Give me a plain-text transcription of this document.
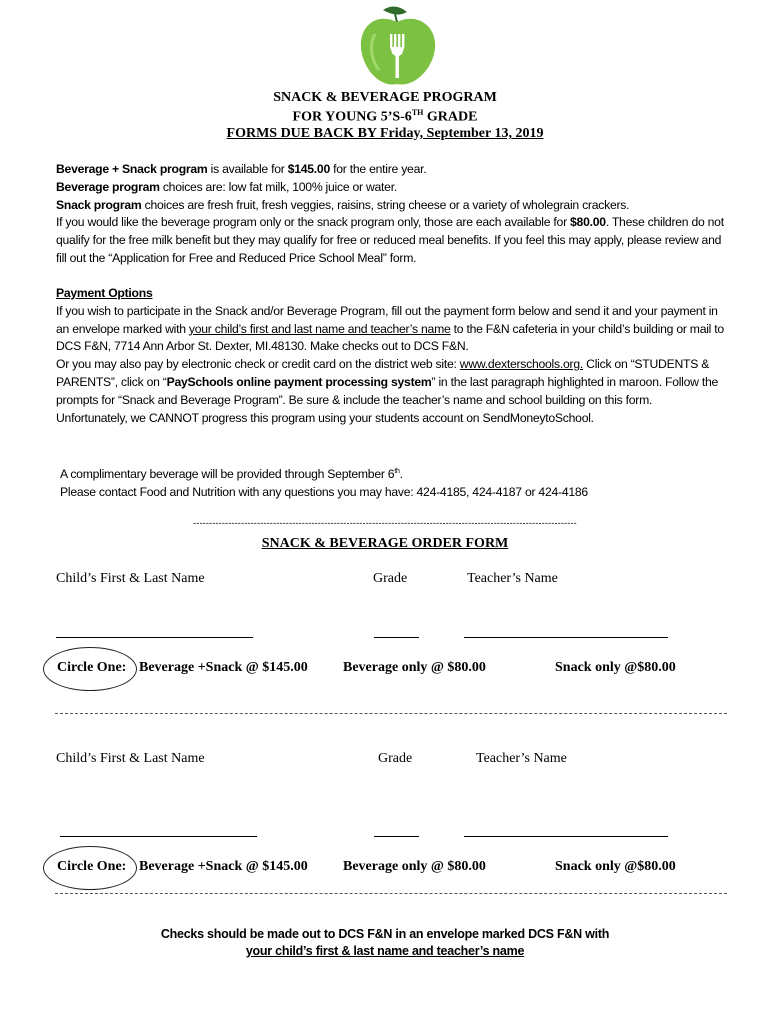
SNACK & BEVERAGE PROGRAM
FOR YOUNG 5’S-6TH GRADE
FORMS DUE BACK BY Friday, September 13, 2019
Beverage + Snack program is available for $145.00 for the entire year.
Beverage program choices are: low fat milk, 100% juice or water.
Snack program choices are fresh fruit, fresh veggies, raisins, string cheese or a variety of wholegrain crackers.
If you would like the beverage program only or the snack program only, those are each available for $80.00. These children do not qualify for the free milk benefit but they may qualify for free or reduced meal benefits. If you feel this may apply, please review and fill out the “Application for Free and Reduced Price School Meal” form.
Payment Options
If you wish to participate in the Snack and/or Beverage Program, fill out the payment form below and send it and your payment in an envelope marked with your child’s first and last name and teacher’s name to the F&N cafeteria in your child’s building or mail to DCS F&N, 7714 Ann Arbor St. Dexter, MI.48130. Make checks out to DCS F&N.
Or you may also pay by electronic check or credit card on the district web site: www.dexterschools.org. Click on “STUDENTS & PARENTS”, click on “PaySchools online payment processing system” in the last paragraph highlighted in maroon. Follow the prompts for “Snack and Beverage Program”. Be sure & include the teacher’s name and school building on this form. Unfortunately, we CANNOT progress this program using your students account on SendMoneytoSchool.
A complimentary beverage will be provided through September 6th.
Please contact Food and Nutrition with any questions you may have: 424-4185, 424-4187 or 424-4186
------------------------------------------------------------------------------------------------------------------------
SNACK & BEVERAGE ORDER FORM
Child’s First & Last Name	Grade	Teacher’s Name
Circle One: Beverage +Snack @ $145.00	Beverage only @ $80.00	Snack only @$80.00
Child’s First & Last Name	Grade	Teacher’s Name
Circle One: Beverage +Snack @ $145.00	Beverage only @ $80.00	Snack only @$80.00
Checks should be made out to DCS F&N in an envelope marked DCS F&N with
your child’s first & last name and teacher’s name
